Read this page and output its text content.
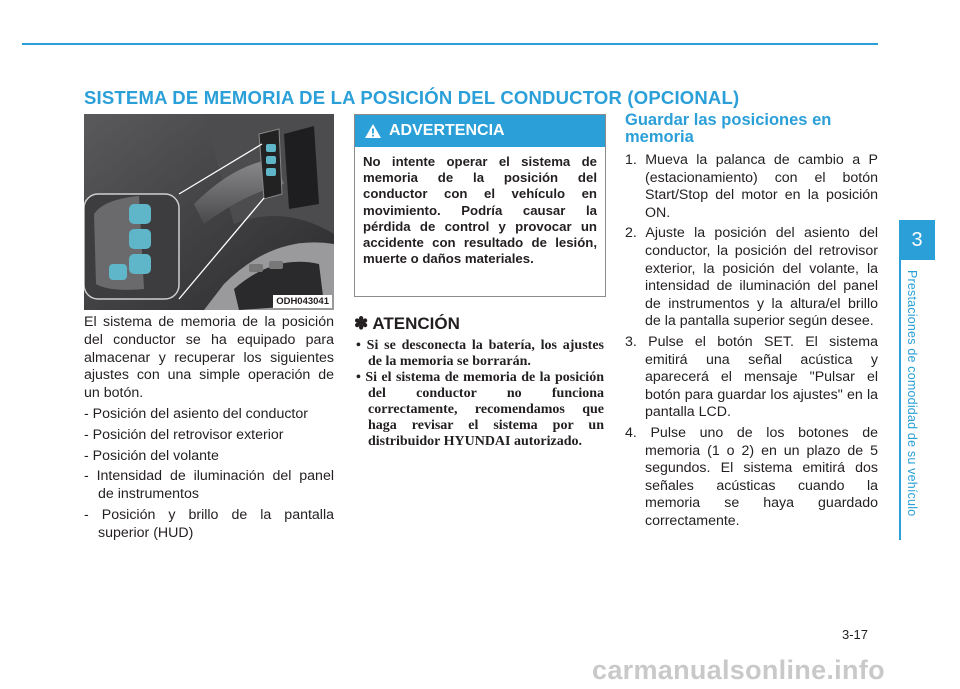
SISTEMA DE MEMORIA DE LA POSICIÓN DEL CONDUCTOR (OPCIONAL)
ODH043041

El sistema de memoria de la posición del conductor se ha equipado para almacenar y recuperar los siguientes ajustes con una simple operación de un botón.

- Posición del asiento del conductor
- Posición del retrovisor exterior
- Posición del volante
- Intensidad de iluminación del panel de instrumentos
- Posición y brillo de la pantalla superior (HUD)
ADVERTENCIA
No intente operar el sistema de memoria de la posición del conductor con el vehículo en movimiento. Podría causar la pérdida de control y provocar un accidente con resultado de lesión, muerte o daños materiales.
✽ ATENCIÓN
• Si se desconecta la batería, los ajustes de la memoria se borrarán.
• Si el sistema de memoria de la posición del conductor no funciona correctamente, recomendamos que haga revisar el sistema por un distribuidor HYUNDAI autorizado.
Guardar las posiciones en memoria
1. Mueva la palanca de cambio a P (estacionamiento) con el botón Start/Stop del motor en la posición ON.
2. Ajuste la posición del asiento del conductor, la posición del retrovisor exterior, la posición del volante, la intensidad de iluminación del panel de instrumentos y la altura/el brillo de la pantalla superior según desee.
3. Pulse el botón SET. El sistema emitirá una señal acústica y aparecerá el mensaje "Pulsar el botón para guardar los ajustes" en la pantalla LCD.
4. Pulse uno de los botones de memoria (1 o 2) en un plazo de 5 segundos. El sistema emitirá dos señales acústicas cuando la memoria se haya guardado correctamente.
3
Prestaciones de comodidad de su vehículo
3-17
carmanualsonline.info
